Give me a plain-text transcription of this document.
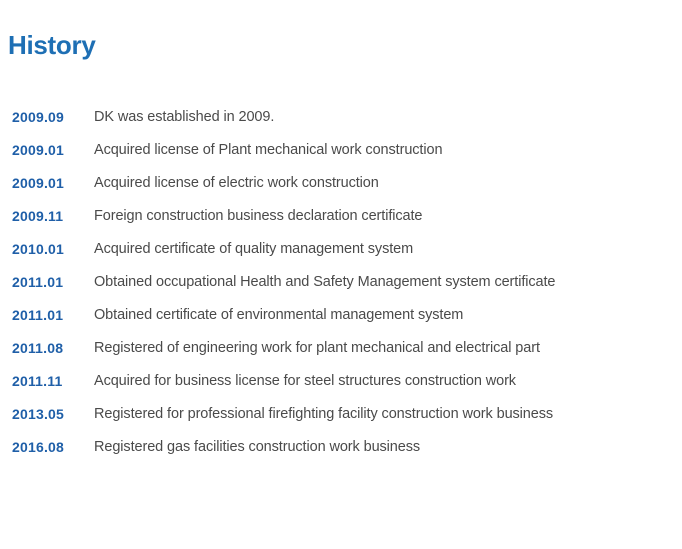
History
2009.09	DK was established in 2009.
2009.01	Acquired license of Plant mechanical work construction
2009.01	Acquired license of electric work construction
2009.11	Foreign construction business declaration certificate
2010.01	Acquired certificate of quality management system
2011.01	Obtained occupational Health and Safety Management system certificate
2011.01	Obtained certificate of environmental management system
2011.08	Registered of engineering work for plant mechanical and electrical part
2011.11	Acquired for business license for steel structures construction work
2013.05	Registered for professional firefighting facility construction work business
2016.08	Registered gas facilities construction work business
